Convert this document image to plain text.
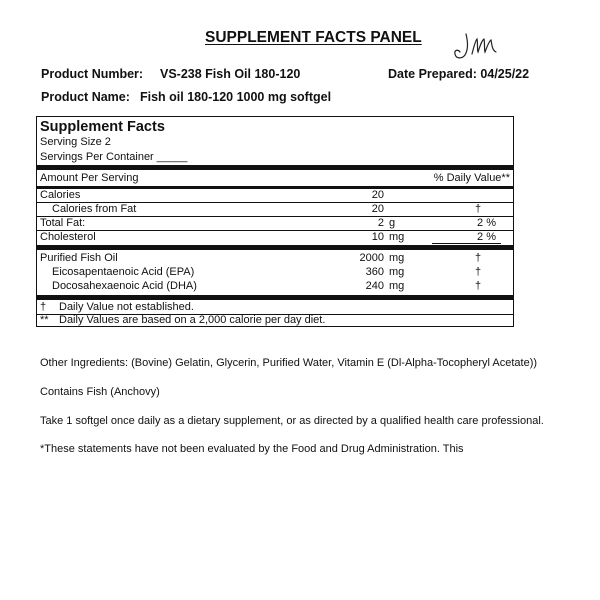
SUPPLEMENT FACTS PANEL
Product Number: VS-238 Fish Oil 180-120	Date Prepared: 04/25/22
Product Name: Fish oil 180-120 1000 mg softgel
Supplement Facts
Serving Size 2
Servings Per Container _____
Amount Per Serving	% Daily Value**
Calories	20
Calories from Fat	20	†
Total Fat:	2 g	2 %
Cholesterol	10 mg	2 %
Purified Fish Oil	2000 mg	†
Eicosapentaenoic Acid (EPA)	360 mg	†
Docosahexaenoic Acid (DHA)	240 mg	†
† Daily Value not established.
** Daily Values are based on a 2,000 calorie per day diet.
Other Ingredients: (Bovine) Gelatin, Glycerin, Purified Water, Vitamin E (Dl-Alpha-Tocopheryl Acetate))
Contains Fish (Anchovy)
Take 1 softgel once daily as a dietary supplement, or as directed by a qualified health care professional.
*These statements have not been evaluated by the Food and Drug Administration. This
